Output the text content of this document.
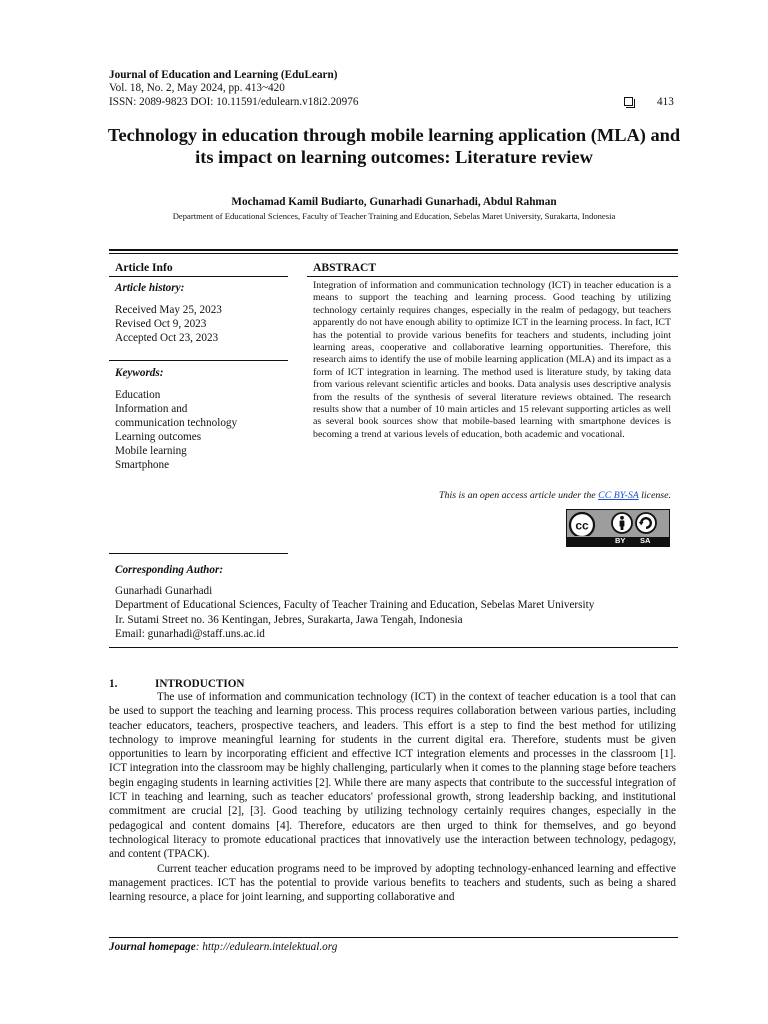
Journal of Education and Learning (EduLearn)
Vol. 18, No. 2, May 2024, pp. 413~420
ISSN: 2089-9823 DOI: 10.11591/edulearn.v18i2.20976	413
Technology in education through mobile learning application (MLA) and its impact on learning outcomes: Literature review
Mochamad Kamil Budiarto, Gunarhadi Gunarhadi, Abdul Rahman
Department of Educational Sciences, Faculty of Teacher Training and Education, Sebelas Maret University, Surakarta, Indonesia
Article Info
Article history:
Received May 25, 2023
Revised Oct 9, 2023
Accepted Oct 23, 2023
Keywords:
Education
Information and
communication technology
Learning outcomes
Mobile learning
Smartphone
ABSTRACT
Integration of information and communication technology (ICT) in teacher education is a means to support the teaching and learning process. Good teaching by utilizing technology certainly requires changes, especially in the realm of pedagogy, but teachers apparently do not have enough ability to optimize ICT in the learning process. In fact, ICT has the potential to provide various benefits for teachers and students, including joint learning areas, cooperative and collaborative learning opportunities. Therefore, this research aims to identify the use of mobile learning application (MLA) and its impact as a form of ICT integration in learning. The method used is literature study, by taking data from various relevant scientific articles and books. Data analysis uses descriptive analysis from the results of the synthesis of several literature reviews obtained. The research results show that a number of 10 main articles and 15 relevant supporting articles as well as several book sources show that mobile-based learning with smartphone devices is becoming a trend at various levels of education, both academic and vocational.
This is an open access article under the CC BY-SA license.
cc
BY SA
Corresponding Author:
Gunarhadi Gunarhadi
Department of Educational Sciences, Faculty of Teacher Training and Education, Sebelas Maret University
Ir. Sutami Street no. 36 Kentingan, Jebres, Surakarta, Jawa Tengah, Indonesia
Email: gunarhadi@staff.uns.ac.id
1.	INTRODUCTION

The use of information and communication technology (ICT) in the context of teacher education is a tool that can be used to support the teaching and learning process. This process requires collaboration between various parties, including teacher educators, teachers, prospective teachers, and leaders. This effort is a step to find the best method for utilizing technology to improve meaningful learning for students in the current digital era. Therefore, students must be given opportunities to learn by incorporating efficient and effective ICT integration elements and processes in the classroom [1]. ICT integration into the classroom may be highly challenging, particularly when it comes to the planning stage before teachers begin engaging students in learning activities [2]. While there are many aspects that contribute to the successful integration of ICT in teaching and learning, such as teacher educators' professional growth, strong leadership backing, and institutional commitment are crucial [2], [3]. Good teaching by utilizing technology certainly requires changes, especially in the pedagogical and content domains [4]. Therefore, educators are then urged to think for themselves, and go beyond technological literacy to promote educational practices that innovatively use the interaction between technology, pedagogy, and content (TPACK).

Current teacher education programs need to be improved by adopting technology-enhanced learning and effective management practices. ICT has the potential to provide various benefits to teachers and students, such as being a shared learning resource, a place for joint learning, and supporting collaborative and

Journal homepage: http://edulearn.intelektual.org
